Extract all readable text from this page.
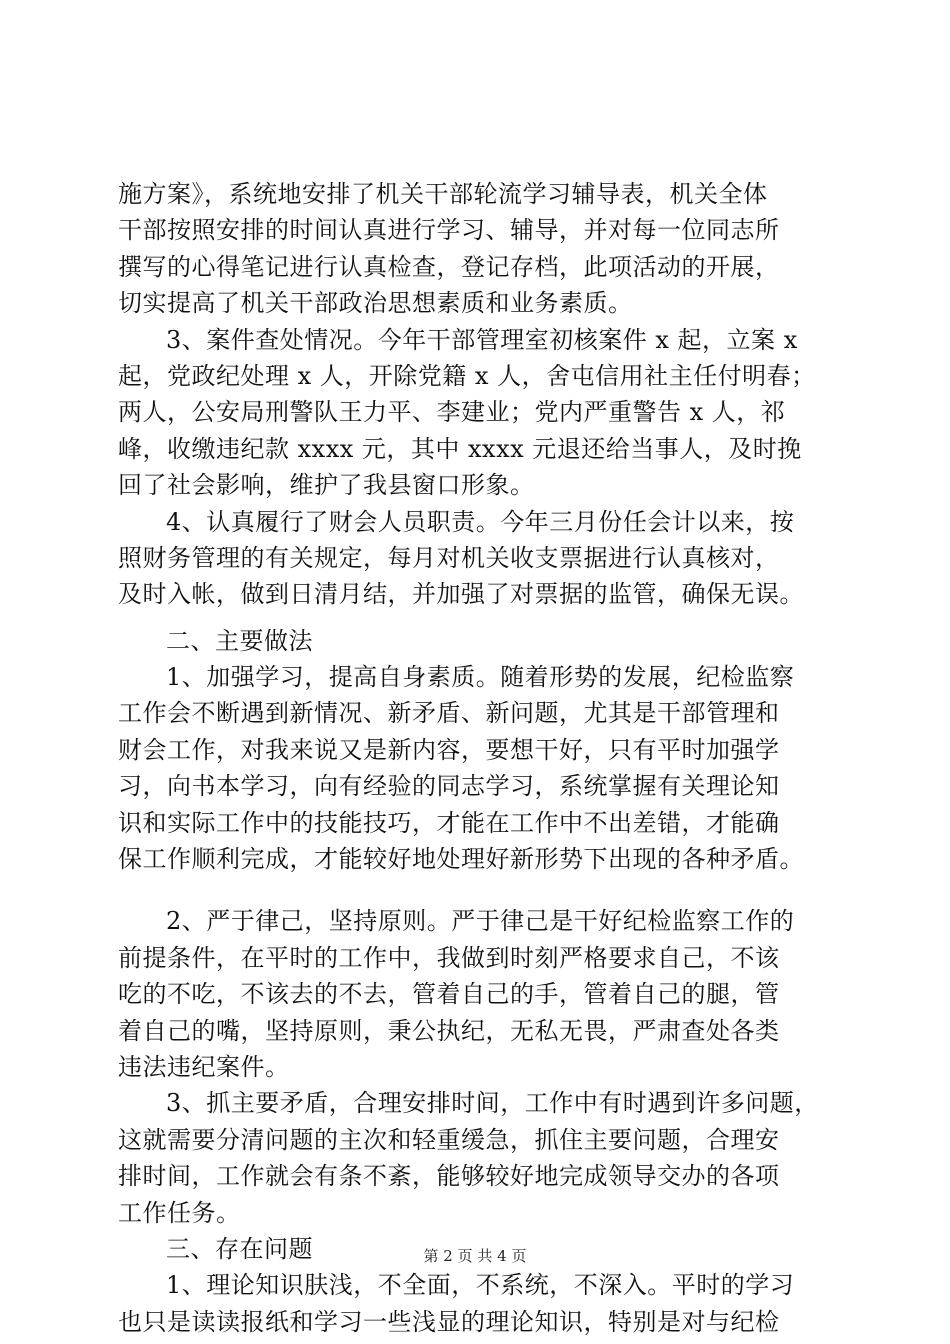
施方案》，系统地安排了机关干部轮流学习辅导表，机关全体
干部按照安排的时间认真进行学习、辅导，并对每一位同志所
撰写的心得笔记进行认真检查，登记存档，此项活动的开展，
切实提高了机关干部政治思想素质和业务素质。
3、案件查处情况。今年干部管理室初核案件 x 起，立案 x
起，党政纪处理 x 人，开除党籍 x 人，舍屯信用社主任付明春；
两人，公安局刑警队王力平、李建业；党内严重警告 x 人，祁
峰，收缴违纪款 xxxx 元，其中 xxxx 元退还给当事人，及时挽
回了社会影响，维护了我县窗口形象。
4、认真履行了财会人员职责。今年三月份任会计以来，按
照财务管理的有关规定，每月对机关收支票据进行认真核对，
及时入帐，做到日清月结，并加强了对票据的监管，确保无误。
二、主要做法
1、加强学习，提高自身素质。随着形势的发展，纪检监察
工作会不断遇到新情况、新矛盾、新问题，尤其是干部管理和
财会工作，对我来说又是新内容，要想干好，只有平时加强学
习，向书本学习，向有经验的同志学习，系统掌握有关理论知
识和实际工作中的技能技巧，才能在工作中不出差错，才能确
保工作顺利完成，才能较好地处理好新形势下出现的各种矛盾。
2、严于律己，坚持原则。严于律己是干好纪检监察工作的
前提条件，在平时的工作中，我做到时刻严格要求自己，不该
吃的不吃，不该去的不去，管着自己的手，管着自己的腿，管
着自己的嘴，坚持原则，秉公执纪，无私无畏，严肃查处各类
违法违纪案件。
3、抓主要矛盾，合理安排时间，工作中有时遇到许多问题，
这就需要分清问题的主次和轻重缓急，抓住主要问题，合理安
排时间，工作就会有条不紊，能够较好地完成领导交办的各项
工作任务。
三、存在问题
1、理论知识肤浅，不全面，不系统，不深入。平时的学习
也只是读读报纸和学习一些浅显的理论知识，特别是对与纪检
第 2 页 共 4 页
